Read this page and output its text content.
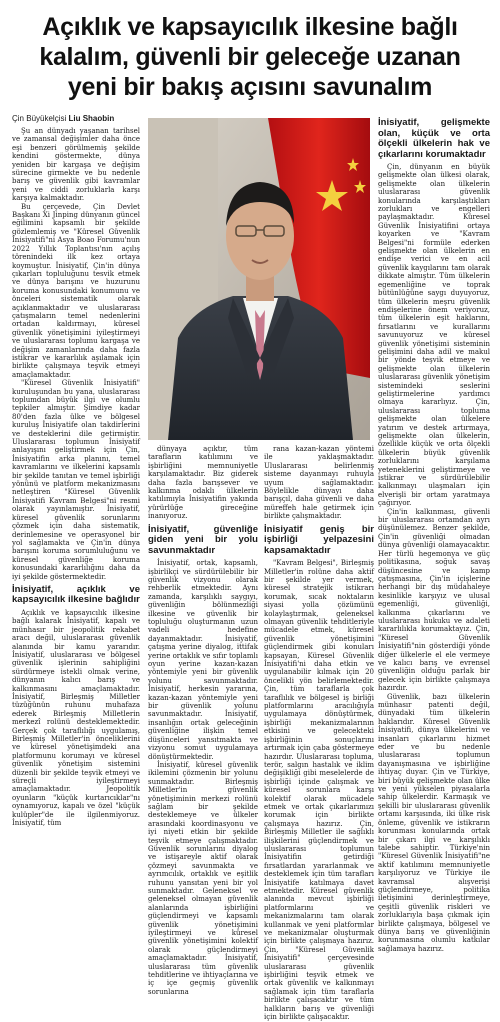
Açıklık ve kapsayıcılık ilkesine bağlı
kalalım, güvenli bir geleceğe uzanan
yeni bir bakış açısını savunalım
Çin Büyükelçisi Liu Shaobin

Şu an dünyadı yaşanan tarihsel ve zamansal değişimler daha önce eşi benzeri görülmemiş şekilde kendini göstermekte, dünya yeniden bir kargaşa ve değişim sürecine girmekte ve bu nedenle barış ve güvenlik gibi kavramlar yeni ve ciddi zorluklarla karşı karşıya kalmaktadır.

Bu çerçevede, Çin Devlet Başkanı Xi Jinping dünyanın güncel eğilimini kapsamlı bir şekilde gözlemlemiş ve "Küresel Güvenlik İnisiyatifi"ni Asya Boao Forumu'nun 2022 Yıllık Toplantısı'nın açılış törenindeki ilk kez ortaya koymuştur. İnisiyatif, Çin'in dünya çıkarları topluluğunu tesvik etmek ve dünya barışını ve huzurunu koruma konusundaki konumunu ve önceleri sistematik olarak açıklanmaktadır ve uluslararası çatışmaların temel nedenlerini ortadan kaldırmayı, küresel güvenlik yönetişimini iyileştirmeyi ve uluslararası toplumu kargaşa ve değişim zamanlarında daha fazla istikrar ve kararlılık aşılamak için birlikte çalışmaya teşvik etmeyi amaçlamaktadır.

"Küresel Güvenlik İnisiyatifi" kuruluşundan bu yana, uluslararası toplumdan büyük ilgi ve olumlu tepkiler almıştır. Şimdiye kadar 80'den fazla ülke ve bölgesel kuruluş İnisiyatife olan takdirlerini ve desteklerini dile getirmiştir. Uluslararası toplumun İnisiyatif anlayışını geliştirmek için Çin, İnisiyatifin arka planını, temel kavramlarını ve ilkelerini kapsamlı bir şekilde tanıtan ve temel işbirliği yönünü ve platform mekanizmasını netleştiren "Küresel Güvenlik İnisiyatifi Kavram Belgesi"ni resmi olarak yayınlamıştır. İnisiyatif, küresel güvenlik sorunlarını çözmek için daha sistematik, derinlemesine ve operasyonel bir yol sağlamakta ve Çin'in dünya barışını koruma sorumluluğunu ve küresel güvenliğe koruma konusundaki kararlılığını daha da iyi şekilde göstermektedir.

İnisiyatif, açıklık ve kapsayıcılık ilkesine bağlıdır

Açıklık ve kapsayıcılık ilkesine bağlı kalarak İnisiyatif, kapalı ve münhasır bir jeopolitik rekabet aracı değil, uluslararası güvenlik alanında bir kamu yararıdır. İnisiyatif, uluslararası ve bölgesel güvenlik işlerinin sahipliğini sürdürmeye istekli olmak verine, dünyanın kalıcı barış ve kalkınmasını amaçlamaktadır. İnisiyatif, Birleşmiş Milletler tüzüğünün ruhunu muhafaza ederek Birleşmiş Milletlerin merkezî rolünü desteklemektedir. Gerçek çok taraflılığı uygulamış, Birleşmiş Milletler'in önceliklerini ve küresel yönetişimdeki ana platformunu korumayı ve küresel güvenlik yönetişim sistemini düzenli bir şekilde teşvik etmeyi ve süreçli iyileştirmeyi amaçlamaktadır. Jeopolitik oyunların "küçük kurtarıcıklar"nı oynamıyoruz, kapalı ve özel "küçük kulüpler"de ile ilgilenmiyoruz. İnisiyatif, tüm

dünyaya açıktır, tüm tarafların katılımını ve işbirliğini memnuniyetle karşılamaktadır. Biz giderek daha fazla barışsever ve kalkınma odaklı ülkelerin katılımıyla İnisiyatifin yakında yürürlüğe gireceğine inanıyoruz.

İnisiyatif, güvenliğe giden yeni bir yolu savunmaktadır

İnisiyatif, ortak, kapsamlı, işbirlikçi ve sürdürülebilir bir güvenlik vizyonu olarak rehberlik etmektedir. Aynı zamanda, karşılıklı saygıyı, güvenliğin bölünmezliği ilkesine ve güvenlik bir topluluğu oluşturmanın uzun vadeli hedefine dayanmaktadır. İnisiyatif, çatışma yerine diyalog, ittifak yerine ortaklık ve sıfır toplamlı oyun yerine kazan-kazan yöntemiyle yeni bir güvenlik yolunu savunmaktadır. İnisiyatif, herkesin yararına, kazan-kazan yöntemiyle yeni bir güvenlik yolunu savunmaktadır. İnisiyatif, insanlığın ortak geleceğinin güvenliğine ilişkin temel düşünceleri yansıtmakta ve vizyonu somut uygulamaya dönüştürmektedir.

İnisiyatif, küresel güvenlik ikilemini çözmenin bir yolunu sunmaktadır. Birleşmiş Milletler'in güvenlik yönetişiminin merkezi rolünü sağlam bir şekilde desteklemeye ve ülkeler arasındaki koordinasyonu ve iyi niyeti etkin bir şekilde teşvik etmeye çalışmaktadır. Güvenlik sorunlarını diyalog ve istişareyle aktif olarak çözmeyi savunmakta ve ayrımcılık, ortaklık ve eşitlik ruhunu yansıtan yeni bir yol sunmaktadır. Geleneksel ve geleneksel olmayan güvenlik alanlarında işbirliğini güçlendirmeyi ve kapsamlı güvenlik yönetişimini iyileştirmeyi ve küresel güvenlik yönetişimini kolektif olarak güçlendirmeyi amaçlamaktadır. İnisiyatif, uluslararası tüm güvenlik tehditlerine ve ihtiyaçlarına ve iç içe geçmiş güvenlik sorunlarına

rana kazan-kazan yöntemi ile yaklaşmaktadır. Uluslararası belirlenmiş sisteme dayanmayı ruhuyla uyum sağlamaktadır. Böylelikle dünyayı daha barışçıl, daha güvenli ve daha müreffeh hale getirmek için birlikte çalışmaktadır.

İnisiyatif geniş bir işbirliği yelpazesini kapsamaktadır

"Kavram Belgesi", Birleşmiş Milletler'in rolüne daha aktif bir şekilde yer vermek, küresel stratejik istikrarı korumak, sıcak noktaların siyasi yolla çözümünü kolaylaştırmak, geleneksel olmayan güvenlik tehditleriyle mücadele etmek, küresel güvenlik yönetişimini güçlendirmek gibi konuları kapsayan, Küresel Güvenlik İnisiyatifi'ni daha etkin ve uygulanabilir kılmak için 20 öncelikli yön belirlemektedir. Çin, tüm taraflarla çok taraflılık ve bölgesel iş birliği platformlarını aracılığıyla uygulamaya dönüştürmek, işbirliği mekanizmalarının etkisini ve gelecekteki işbirliğinin sonuçlarını artırmak için çaba göstermeye hazırdır. Uluslararası topluma, terör, salgın hastalık ve iklim değişikliği gibi meselelerde de işbirliği içinde çalışmak ve küresel sorunlara karşı kolektif olarak mücadele etmek ve ortak çıkarlarımızı korumak için birlikte çalışmaya hazırız. Çin, Birleşmiş Milletler ile sağlıklı ilişkilerini güçlendirmek ve uluslararası toplumun İnisiyatifin getirdiği fırsatlardan yararlanmak ve desteklemek için tüm tarafları İnisiyatife katılmaya davet etmektedir. Küresel güvenlik alanında mevcut işbirliği platformlarını ve mekanizmalarını tam olarak kullanmak ve yeni platformlar ve mekanizmalar oluşturmak için birlikte çalışmaya hazırız. Çin, "Küresel Güvenlik İnisiyatifi" çerçevesinde uluslararası güvenlik işbirliğini teşvik etmek ve ortak güvenlik ve kalkınmayı sağlamak için tüm taraflarla birlikte çalışacaktır ve tüm halkların barış ve güvenliği için birlikte çalışacaktır.

İnisiyatif, gelişmekte olan, küçük ve orta ölçekli ülkelerin hak ve çıkarlarını korumaktadır

Çin, dünyanın en büyük gelişmekte olan ülkesi olarak, gelişmekte olan ülkelerin uluslararası güvenlik konularında karşılaştıkları zorlukları ve engelleri paylaşmaktadır. Küresel Güvenlik İnisiyatifini ortaya koyarken ve "Kavram Belgesi"ni formüle ederken gelişmekte olan ülkelerin en endişe verici ve en acil güvenlik kaygılarını tam olarak dikkate almıştır. Tüm ülkelerin egemenliğine ve toprak bütünlüğüne saygı duyuyoruz, tüm ülkelerin meşru güvenlik endişelerine önem veriyoruz, tüm ülkelerin eşit haklarını, fırsatlarını ve kurallarını savunuyoruz ve küresel güvenlik yönetişimi sisteminin gelişimini daha adil ve makul bir yönde teşvik etmeye ve gelişmekte olan ülkelerin uluslararası güvenlik yönetişim sistemindeki seslerini geliştirmelerine yardımcı olmaya kararlıyız. Çin, uluslararası topluma gelişmekte olan ülkelere yatırım ve destek artırmaya, gelişmekte olan ülkelerin, özellikle küçük ve orta ölçekli ülkelerin büyük güvenlik zorluklarını karşılama yeteneklerini geliştirmeye ve istikrar ve sürdürülebilir kalkınmayı ulaşmaları için elverişli bir ortam yaratmaya çağırıyor.

Çin'in kalkınması, güvenli bir uluslararası ortamdan ayrı düşünülemez. Benzer şekilde, Çin'in güvenliği olmadan dünya güvenliği olamayacaktır. Her türlü hegemonya ve güç politikasına, soğuk savaş düşüncesine ve kamp çatışmasına, Çin'in içişlerine herhangi bir dış müdahaleye kesinlikle karşıyız ve ulusal egemenliği, güvenliği, kalkınma çıkarlarını ve uluslararası hukuku ve adaleti kararlılıkla korumaktayız. Çin, "Küresel Güvenlik İnisiyatifi"nin gösterdiği yönde diğer ülkelerle el ele vermeye ve kalıcı barış ve evrensel güvenliğin olduğu parlak bir gelecek için birlikte çalışmaya hazırdır.

Güvenlik, bazı ülkelerin münhasır patenti değil, dünyadaki tüm ülkelerin haklarıdır. Küresel Güvenlik İnisiyatifi, dünya ülkelerini ve insanları çıkarlarını hizmet eder ve bu nedenle uluslararası toplumun dayanışmasına ve işbirliğine ihtiyaç duyar. Çin ve Türkiye, biri büyük gelişmekte olan ülke ve yeni yükselen piyasalarla sahip ülkelerdir. Karmaşık ve şekilli bir uluslararası güvenlik ortamı karşısında, iki ülke risk önleme, güvenlik ve istikrarın korunması konularında ortak bir çıkarı ilgi ve karşılıklı talebe sahiptir. Türkiye'nin "Küresel Güvenlik İnisiyatifi"ne aktif katılımını memnuniyetle karşılıyoruz ve Türkiye ile kavramsal alışverişi güçlendirmeye, politika iletişimini derinleştirmeye, çeşitli güvenlik riskleri ve zorluklarıyla başa çıkmak için birlikte çalışmaya, bölgesel ve dünya barış ve güvenliğinin korunmasına olumlu katkılar sağlamaya hazırız.
